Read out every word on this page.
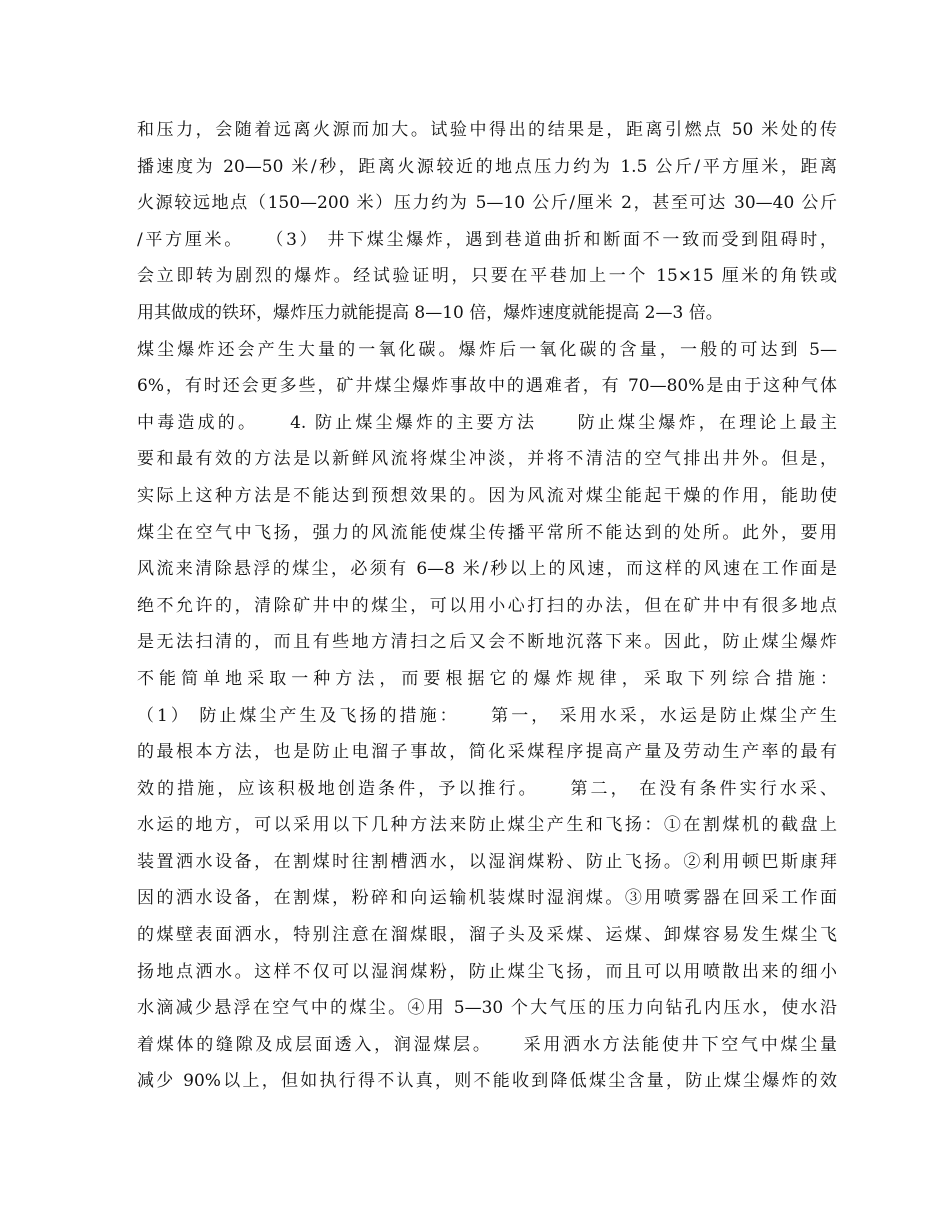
和压力，会随着远离火源而加大。试验中得出的结果是，距离引燃点 50 米处的传
播速度为 20—50 米/秒，距离火源较近的地点压力约为 1.5 公斤/平方厘米，距离
火源较远地点（150—200 米）压力约为 5—10 公斤/厘米 2，甚至可达 30—40 公斤
/平方厘米。　　（3） 井下煤尘爆炸，遇到巷道曲折和断面不一致而受到阻碍时，
会立即转为剧烈的爆炸。经试验证明，只要在平巷加上一个 15×15 厘米的角铁或
用其做成的铁环，爆炸压力就能提高 8—10 倍，爆炸速度就能提高 2—3 倍。
煤尘爆炸还会产生大量的一氧化碳。爆炸后一氧化碳的含量，一般的可达到 5—
6%，有时还会更多些，矿井煤尘爆炸事故中的遇难者，有 70—80%是由于这种气体
中毒造成的。　　4. 防止煤尘爆炸的主要方法　　防止煤尘爆炸，在理论上最主
要和最有效的方法是以新鲜风流将煤尘冲淡，并将不清洁的空气排出井外。但是，
实际上这种方法是不能达到预想效果的。因为风流对煤尘能起干燥的作用，能助使
煤尘在空气中飞扬，强力的风流能使煤尘传播平常所不能达到的处所。此外，要用
风流来清除悬浮的煤尘，必须有 6—8 米/秒以上的风速，而这样的风速在工作面是
绝不允许的，清除矿井中的煤尘，可以用小心打扫的办法，但在矿井中有很多地点
是无法扫清的，而且有些地方清扫之后又会不断地沉落下来。因此，防止煤尘爆炸
不能简单地采取一种方法，而要根据它的爆炸规律，采取下列综合措施：
（1） 防止煤尘产生及飞扬的措施：　　第一， 采用水采，水运是防止煤尘产生
的最根本方法，也是防止电溜子事故，简化采煤程序提高产量及劳动生产率的最有
效的措施，应该积极地创造条件，予以推行。　　第二， 在没有条件实行水采、
水运的地方，可以采用以下几种方法来防止煤尘产生和飞扬：①在割煤机的截盘上
装置洒水设备，在割煤时往割槽洒水，以湿润煤粉、防止飞扬。②利用顿巴斯康拜
因的洒水设备，在割煤，粉碎和向运输机装煤时湿润煤。③用喷雾器在回采工作面
的煤壁表面洒水，特别注意在溜煤眼，溜子头及采煤、运煤、卸煤容易发生煤尘飞
扬地点洒水。这样不仅可以湿润煤粉，防止煤尘飞扬，而且可以用喷散出来的细小
水滴减少悬浮在空气中的煤尘。④用 5—30 个大气压的压力向钻孔内压水，使水沿
着煤体的缝隙及成层面透入，润湿煤层。　　采用洒水方法能使井下空气中煤尘量
减少 90%以上，但如执行得不认真，则不能收到降低煤尘含量，防止煤尘爆炸的效
